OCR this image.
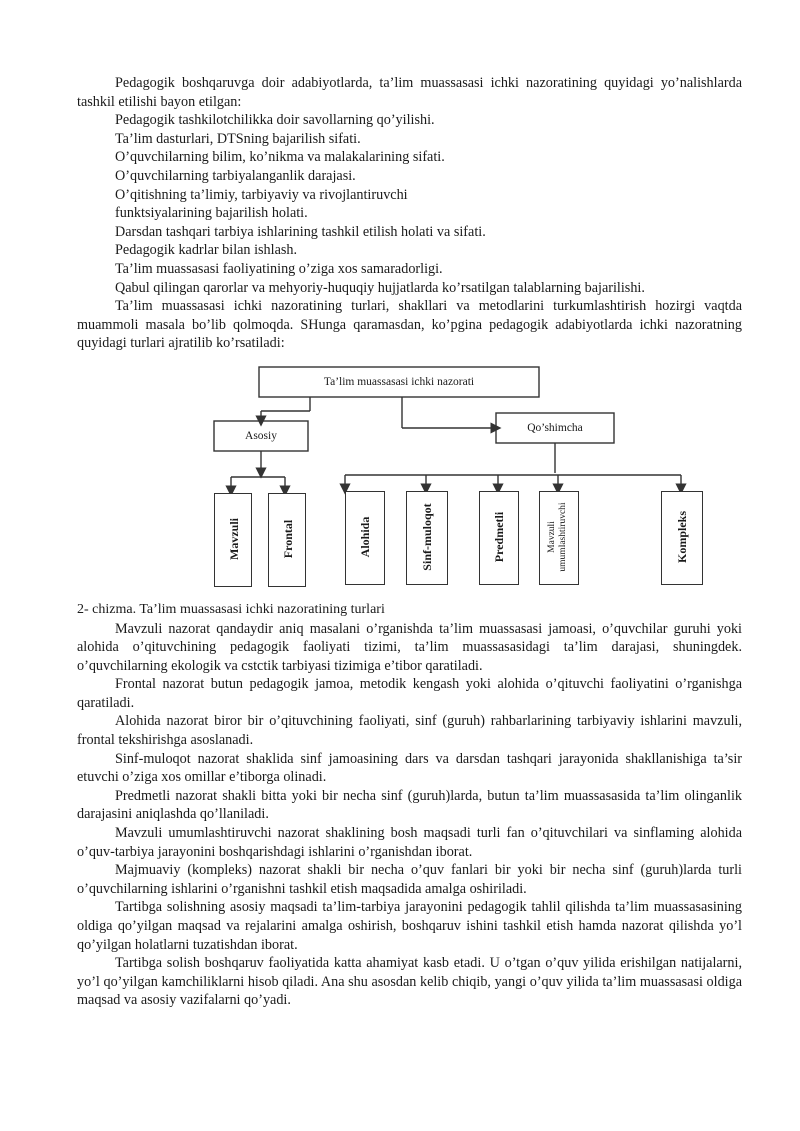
Pedagogik boshqaruvga doir adabiyotlarda, ta’lim muassasasi ichki nazoratining quyidagi yo’nalishlarda tashkil etilishi bayon etilgan:

Pedagogik tashkilotchilikka doir savollarning qo’yilishi.

Ta’lim dasturlari, DTSning bajarilish sifati.

O’quvchilarning bilim, ko’nikma va malakalarining sifati.

O’quvchilarning tarbiyalanganlik darajasi.

O’qitishning ta’limiy, tarbiyaviy va rivojlantiruvchi

funktsiyalarining bajarilish holati.

Darsdan tashqari tarbiya ishlarining tashkil etilish holati va sifati.

Pedagogik kadrlar bilan ishlash.

Ta’lim muassasasi faoliyatining o’ziga xos samaradorligi.

Qabul qilingan qarorlar va mehyoriy-huquqiy hujjatlarda ko’rsatilgan talablarning bajarilishi.

Ta’lim muassasasi ichki nazoratining turlari, shakllari va metodlarini turkumlashtirish hozirgi vaqtda muammoli masala bo’lib qolmoqda. SHunga qaramasdan, ko’pgina pedagogik adabiyotlarda ichki nazoratning quyidagi turlari ajratilib ko’rsatiladi:

Ta’lim muassasasi ichki nazorati
Asosiy
Qo’shimcha
Mavzuli	Frontal	Alohida	Sinf-muloqot	Predmetli	Mavzuli umumlashtiruvchi	Kompleks

2- chizma. Ta’lim muassasasi ichki nazoratining turlari

Mavzuli nazorat qandaydir aniq masalani o’rganishda ta’lim muassasasi jamoasi, o’quvchilar guruhi yoki alohida o’qituvchining pedagogik faoliyati tizimi, ta’lim muassasasidagi ta’lim darajasi, shuningdek. o’quvchilarning ekologik va cstctik tarbiyasi tizimiga e’tibor qaratiladi.

Frontal nazorat butun pedagogik jamoa, metodik kengash yoki alohida o’qituvchi faoliyatini o’rganishga qaratiladi.

Alohida nazorat biror bir o’qituvchining faoliyati, sinf (guruh) rahbarlarining tarbiyaviy ishlarini mavzuli, frontal tekshirishga asoslanadi.

Sinf-muloqot nazorat shaklida sinf jamoasining dars va darsdan tashqari jarayonida shakllanishiga ta’sir etuvchi o’ziga xos omillar e’tiborga olinadi.

Predmetli nazorat shakli bitta yoki bir necha sinf (guruh)larda, butun ta’lim muassasasida ta’lim olinganlik darajasini aniqlashda qo’llaniladi.

Mavzuli umumlashtiruvchi nazorat shaklining bosh maqsadi turli fan o’qituvchilari va sinflaming alohida o’quv-tarbiya jarayonini boshqarishdagi ishlarini o’rganishdan iborat.

Majmuaviy (kompleks) nazorat shakli bir necha o’quv fanlari bir yoki bir necha sinf (guruh)larda turli o’quvchilarning ishlarini o’rganishni tashkil etish maqsadida amalga oshiriladi.

Tartibga solishning asosiy maqsadi ta’lim-tarbiya jarayonini pedagogik tahlil qilishda ta’lim muassasasining oldiga qo’yilgan maqsad va rejalarini amalga oshirish, boshqaruv ishini tashkil etish hamda nazorat qilishda yo’l qo’yilgan holatlarni tuzatishdan iborat.

Tartibga solish boshqaruv faoliyatida katta ahamiyat kasb etadi. U o’tgan o’quv yilida erishilgan natijalarni, yo’l qo’yilgan kamchiliklarni hisob qiladi. Ana shu asosdan kelib chiqib, yangi o’quv yilida ta’lim muassasasi oldiga maqsad va asosiy vazifalarni qo’yadi.
